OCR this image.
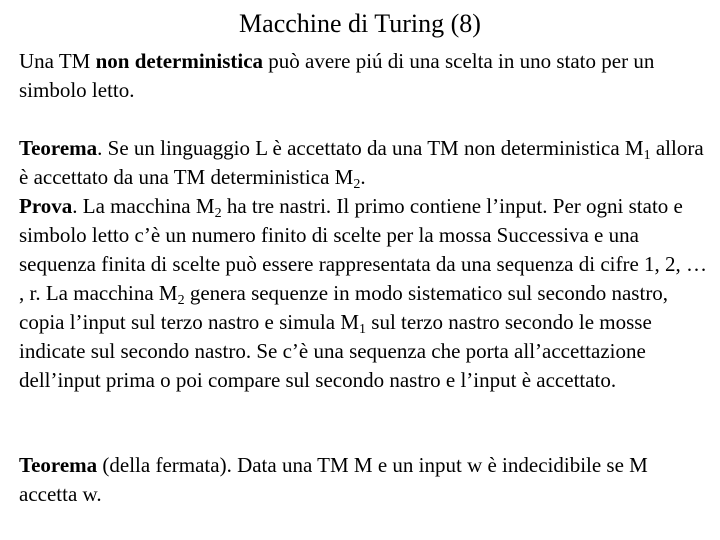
Macchine di Turing (8)

Una TM non deterministica può avere piú di una scelta in uno stato per un simbolo letto.

Teorema. Se un linguaggio L è accettato da una TM non deterministica $M_1$ allora è accettato da una TM deterministica $M_2$.
Prova. La macchina $M_2$ ha tre nastri. Il primo contiene l’input. Per ogni stato e simbolo letto c’è un numero finito di scelte per la mossa Successiva e una sequenza finita di scelte può essere rappresentata da una sequenza di cifre 1, 2, … , r. La macchina $M_2$ genera sequenze in modo sistematico sul secondo nastro, copia l’input sul terzo nastro e simula $M_1$ sul terzo nastro secondo le mosse indicate sul secondo nastro. Se c’è una sequenza che porta all’accettazione dell’input prima o poi compare sul secondo nastro e l’input è accettato.

Teorema (della fermata). Data una TM M e un input w è indecidibile se M accetta w.
